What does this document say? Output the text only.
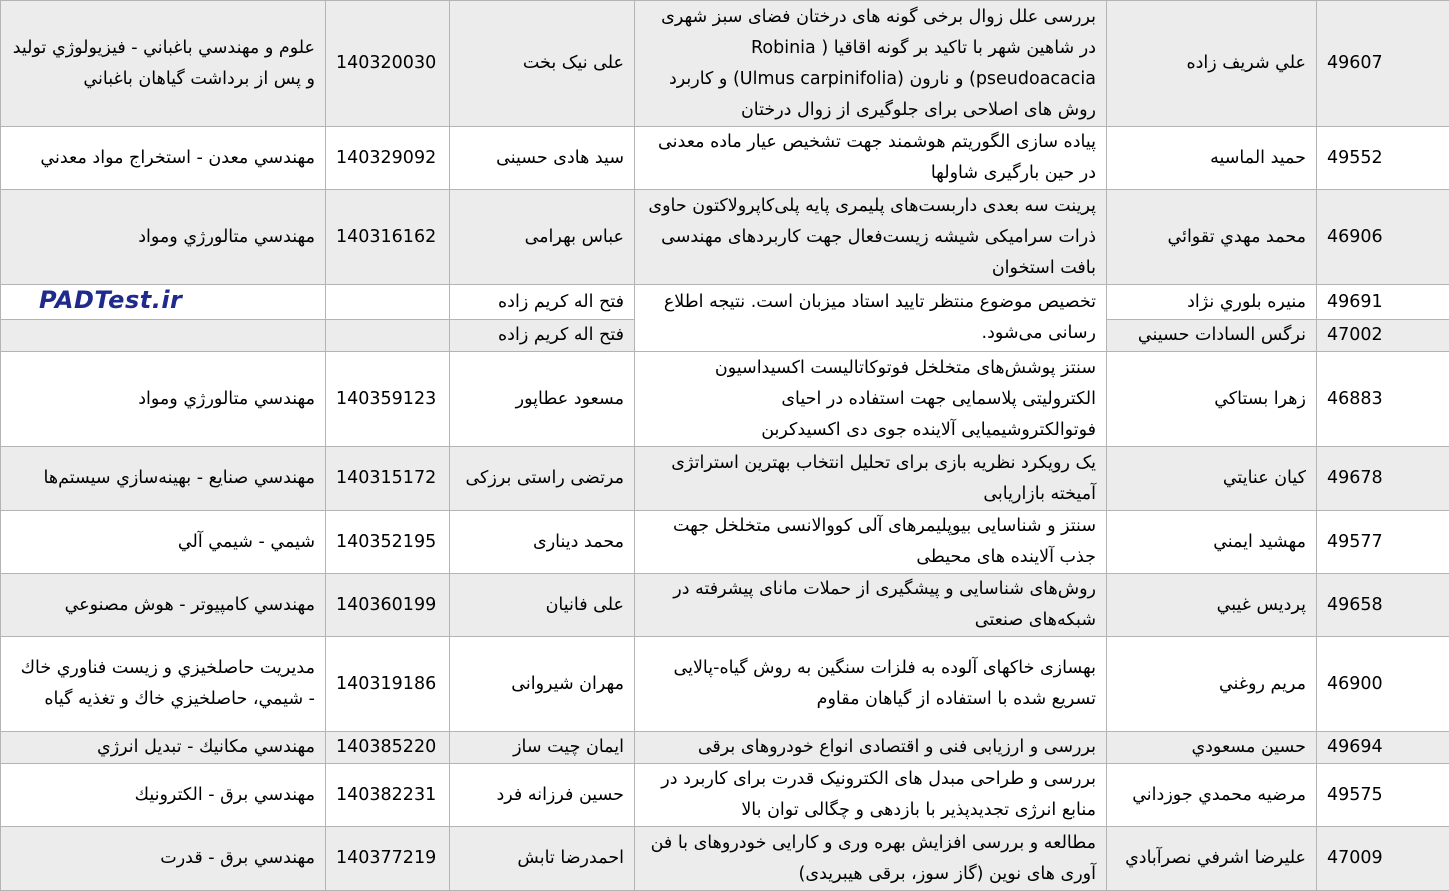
49607	علي شريف زاده	بررسی علل زوال برخی گونه های درختان فضای سبز شهری در شاهین شهر با تاکید بر گونه اقاقیا ( Robinia pseudoacacia) و نارون (Ulmus carpinifolia) و کاربرد روش های اصلاحی برای جلوگیری از زوال درختان	علی نیک بخت	140320030	علوم و مهندسي باغباني - فيزيولوژي توليد و پس از برداشت گياهان باغباني
49552	حميد الماسيه	پیاده سازی الگوریتم هوشمند جهت تشخیص عیار ماده معدنی در حین بارگیری شاولها	سید هادی حسینی	140329092	مهندسي معدن - استخراج مواد معدني
46906	محمد مهدي تقوائي	پرینت سه بعدی داربست‌های پلیمری پایه پلی‌کاپرولاکتون حاوی ذرات سرامیکی شیشه زیست‌فعال جهت کاربردهای مهندسی بافت استخوان	عباس بهرامی	140316162	مهندسي متالورژي ومواد
49691	منيره بلوري نژاد	تخصیص موضوع منتظر تایید استاد میزبان است. نتیجه اطلاع رسانی می‌شود.	فتح اله کریم زاده		PADTest.ir
47002	نرگس السادات حسيني		فتح اله کریم زاده		
46883	زهرا بستاكي	سنتز پوشش‌های متخلخل فوتوکاتالیست اکسیداسیون الکترولیتی پلاسمایی جهت استفاده در احیای فوتوالکتروشیمیایی آلاینده جوی دی اکسیدکربن	مسعود عطاپور	140359123	مهندسي متالورژي ومواد
49678	كيان عنايتي	یک رویکرد نظریه بازی برای تحلیل انتخاب بهترین استراتژی آمیخته بازاریابی	مرتضی راستی برزکی	140315172	مهندسي صنايع - بهينه‌سازي سيستم‌ها
49577	مهشيد ايمني	سنتز و شناسایی بیوپلیمرهای آلی کووالانسی متخلخل جهت جذب آلاینده های محیطی	محمد دیناری	140352195	شيمي - شيمي آلي
49658	پرديس غيبي	روش‌های شناسایی و پیشگیری از حملات مانای پیشرفته در شبکه‌های صنعتی	علی فانیان	140360199	مهندسي كامپيوتر - هوش مصنوعي
46900	مريم روغني	بهسازی خاکهای آلوده به فلزات سنگین به روش گیاه-پالایی تسریع شده با استفاده از گیاهان مقاوم	مهران شیروانی	140319186	مديريت حاصلخيزي و زيست فناوري خاك - شيمي، حاصلخيزي خاك و تغذيه گياه
49694	حسين مسعودي	بررسی و ارزیابی فنی و اقتصادی انواع خودروهای برقی	ایمان چیت ساز	140385220	مهندسي مكانيك - تبديل انرژي
49575	مرضيه محمدي جوزداني	بررسی و طراحی مبدل های الکترونیک قدرت برای کاربرد در منابع انرژی تجدیدپذیر با بازدهی و چگالی توان بالا	حسین فرزانه فرد	140382231	مهندسي برق - الكترونيك
47009	عليرضا اشرفي نصرآبادي	مطالعه و بررسی افزایش بهره وری و کارایی خودروهای با فن آوری های نوین (گاز سوز، برقی هیبریدی)	احمدرضا تابش	140377219	مهندسي برق - قدرت
